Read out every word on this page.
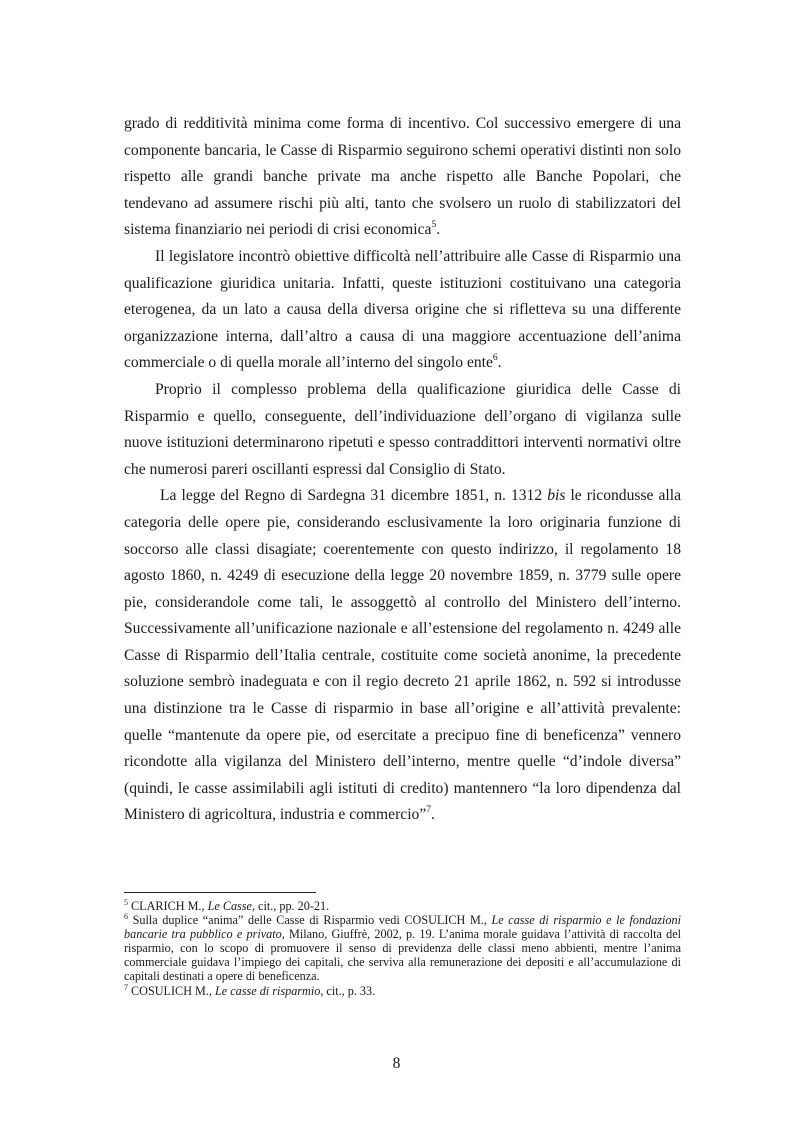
grado di redditività minima come forma di incentivo. Col successivo emergere di una componente bancaria, le Casse di Risparmio seguirono schemi operativi distinti non solo rispetto alle grandi banche private ma anche rispetto alle Banche Popolari, che tendevano ad assumere rischi più alti, tanto che svolsero un ruolo di stabilizzatori del sistema finanziario nei periodi di crisi economica$^5$.

Il legislatore incontrò obiettive difficoltà nell’attribuire alle Casse di Risparmio una qualificazione giuridica unitaria. Infatti, queste istituzioni costituivano una categoria eterogenea, da un lato a causa della diversa origine che si rifletteva su una differente organizzazione interna, dall’altro a causa di una maggiore accentuazione dell’anima commerciale o di quella morale all’interno del singolo ente$^6$.

Proprio il complesso problema della qualificazione giuridica delle Casse di Risparmio e quello, conseguente, dell’individuazione dell’organo di vigilanza sulle nuove istituzioni determinarono ripetuti e spesso contraddittori interventi normativi oltre che numerosi pareri oscillanti espressi dal Consiglio di Stato.

La legge del Regno di Sardegna 31 dicembre 1851, n. 1312 bis le ricondusse alla categoria delle opere pie, considerando esclusivamente la loro originaria funzione di soccorso alle classi disagiate; coerentemente con questo indirizzo, il regolamento 18 agosto 1860, n. 4249 di esecuzione della legge 20 novembre 1859, n. 3779 sulle opere pie, considerandole come tali, le assoggettò al controllo del Ministero dell’interno. Successivamente all’unificazione nazionale e all’estensione del regolamento n. 4249 alle Casse di Risparmio dell’Italia centrale, costituite come società anonime, la precedente soluzione sembrò inadeguata e con il regio decreto 21 aprile 1862, n. 592 si introdusse una distinzione tra le Casse di risparmio in base all’origine e all’attività prevalente: quelle “mantenute da opere pie, od esercitate a precipuo fine di beneficenza” vennero ricondotte alla vigilanza del Ministero dell’interno, mentre quelle “d’indole diversa” (quindi, le casse assimilabili agli istituti di credito) mantennero “la loro dipendenza dal Ministero di agricoltura, industria e commercio”$^7$.

$^5$ CLARICH M., Le Casse, cit., pp. 20-21.

$^6$ Sulla duplice “anima” delle Casse di Risparmio vedi COSULICH M., Le casse di risparmio e le fondazioni bancarie tra pubblico e privato, Milano, Giuffrè, 2002, p. 19. L’anima morale guidava l’attività di raccolta del risparmio, con lo scopo di promuovere il senso di previdenza delle classi meno abbienti, mentre l’anima commerciale guidava l’impiego dei capitali, che serviva alla remunerazione dei depositi e all’accumulazione di capitali destinati a opere di beneficenza.

$^7$ COSULICH M., Le casse di risparmio, cit., p. 33.

8
